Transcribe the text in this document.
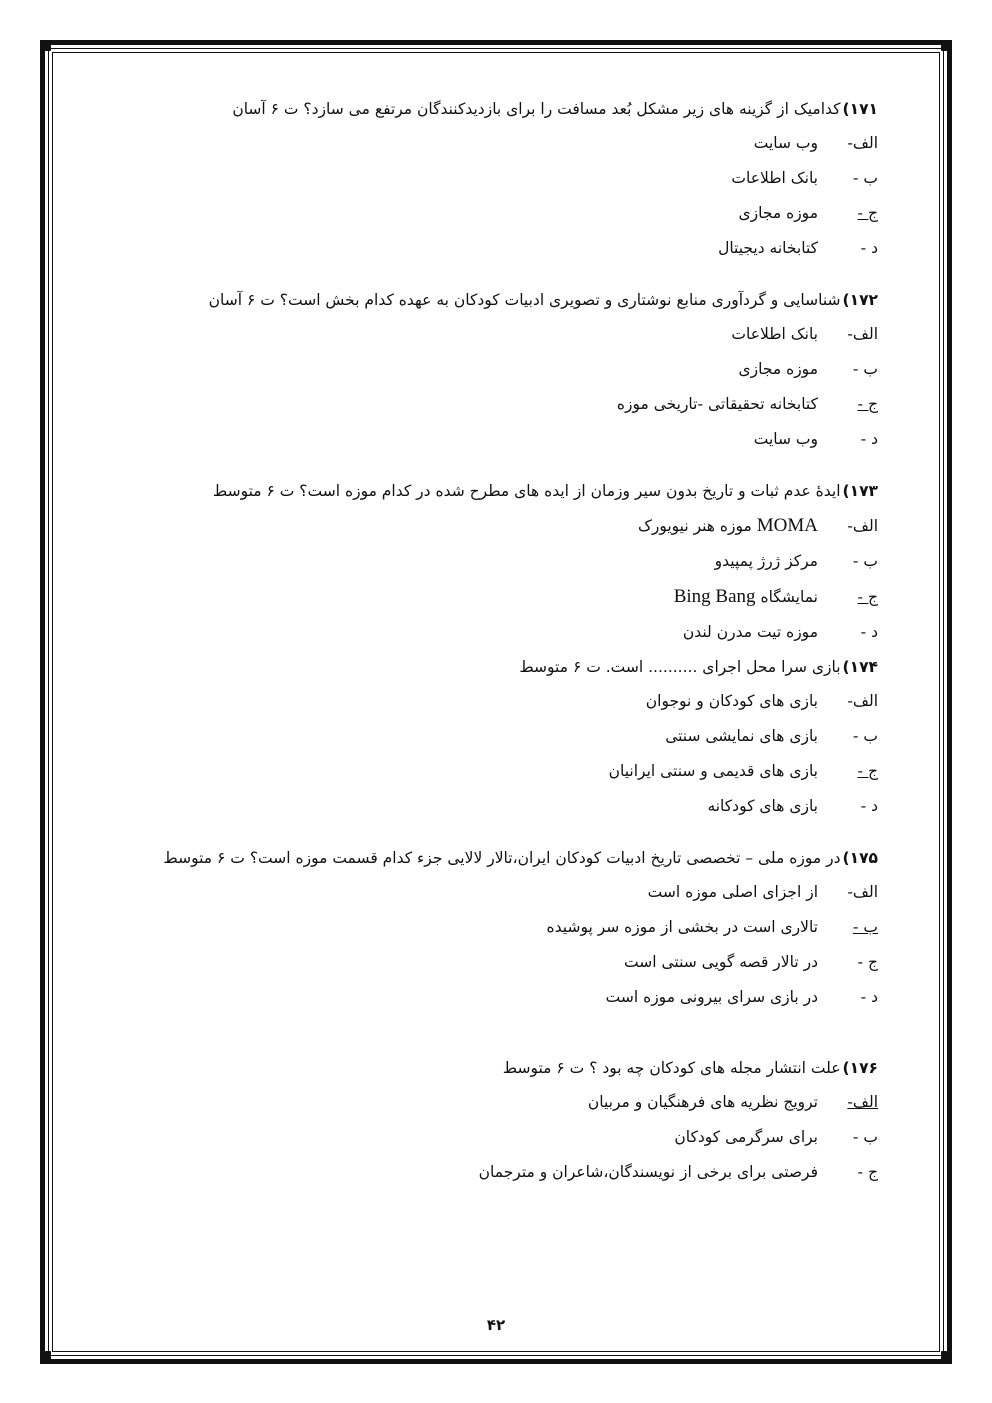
۱۷۱)کدامیک از گزینه های زیر مشکل بُعد مسافت را برای بازدیدکنندگان مرتفع می سازد؟ ت ۶ آسان
الف-وب سایت
ب -بانک اطلاعات
ج -موزه مجازی
د -کتابخانه دیجیتال
۱۷۲)شناسایی و گردآوری منابع نوشتاری و تصویری ادبیات کودکان به عهده کدام بخش است؟ ت ۶ آسان
الف-بانک اطلاعات
ب -موزه مجازی
ج -کتابخانه تحقیقاتی -تاریخی موزه
د -وب سایت
۱۷۳)ایدهٔ عدم ثبات و تاریخ بدون سیر وزمان از ایده های مطرح شده در کدام موزه است؟ ت ۶ متوسط
الف-MOMA موزه هنر نیویورک
ب -مرکز ژرژ پمپیدو
ج -نمایشگاه Bing Bang
د -موزه تیت مدرن لندن
۱۷۴)بازی سرا محل اجرای .......... است. ت ۶ متوسط
الف-بازی های کودکان و نوجوان
ب -بازی های نمایشی سنتی
ج -بازی های قدیمی و سنتی ایرانیان
د -بازی های کودکانه
۱۷۵)در موزه ملی – تخصصی تاریخ ادبیات کودکان ایران،تالار لالایی جزء کدام قسمت موزه است؟ ت ۶ متوسط
الف-از اجزای اصلی موزه است
ب -تالاری است در بخشی از موزه سر پوشیده
ج -در تالار قصه گویی سنتی است
د -در بازی سرای بیرونی موزه است
۱۷۶)علت انتشار مجله های کودکان چه بود ؟ ت ۶ متوسط
الف-ترویج نظریه های فرهنگیان و مربیان
ب -برای سرگرمی کودکان
ج -فرصتی برای برخی از نویسندگان،شاعران و مترجمان
۴۲
